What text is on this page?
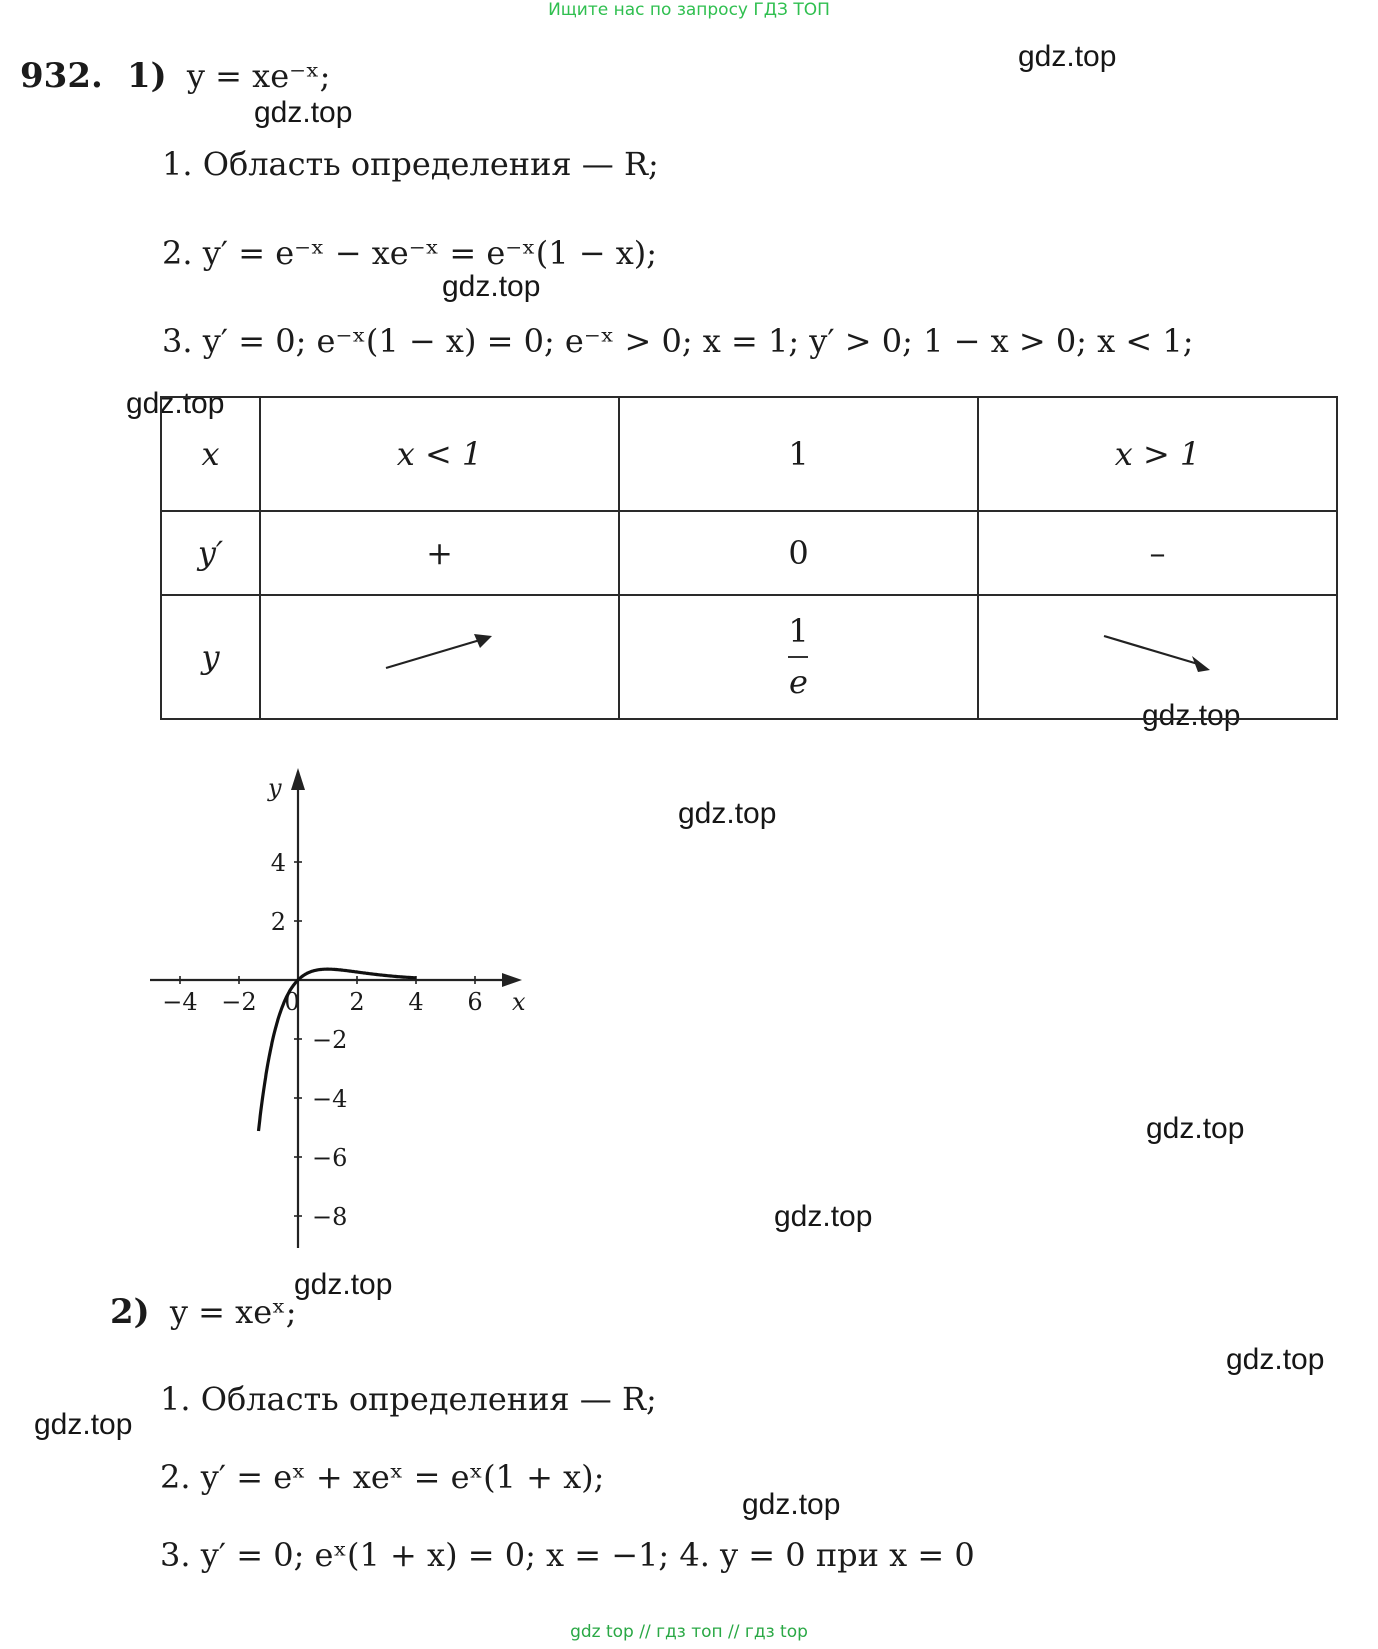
Ищите нас по запросу ГДЗ ТОП
gdz.top
gdz.top
gdz.top
gdz.top
gdz.top
gdz.top
gdz.top
gdz.top
gdz.top
gdz.top
gdz.top
gdz.top
932. 1) y = xe⁻ˣ;
1. Область определения — R;
2. y′ = e⁻ˣ − xe⁻ˣ = e⁻ˣ(1 − x);
3. y′ = 0; e⁻ˣ(1 − x) = 0; e⁻ˣ > 0; x = 1; y′ > 0; 1 − x > 0; x < 1;
x	x < 1	1	x > 1
y′	+	0	–
y		$\frac{1}{e}$

−4 −2 0 2 4 6 x
4
2
−2
−4
−6
−8
y
2) y = xeˣ;
1. Область определения — R;
2. y′ = eˣ + xeˣ = eˣ(1 + x);
3. y′ = 0; eˣ(1 + x) = 0; x = −1; 4. y = 0 при x = 0
gdz top // гдз топ // гдз top
